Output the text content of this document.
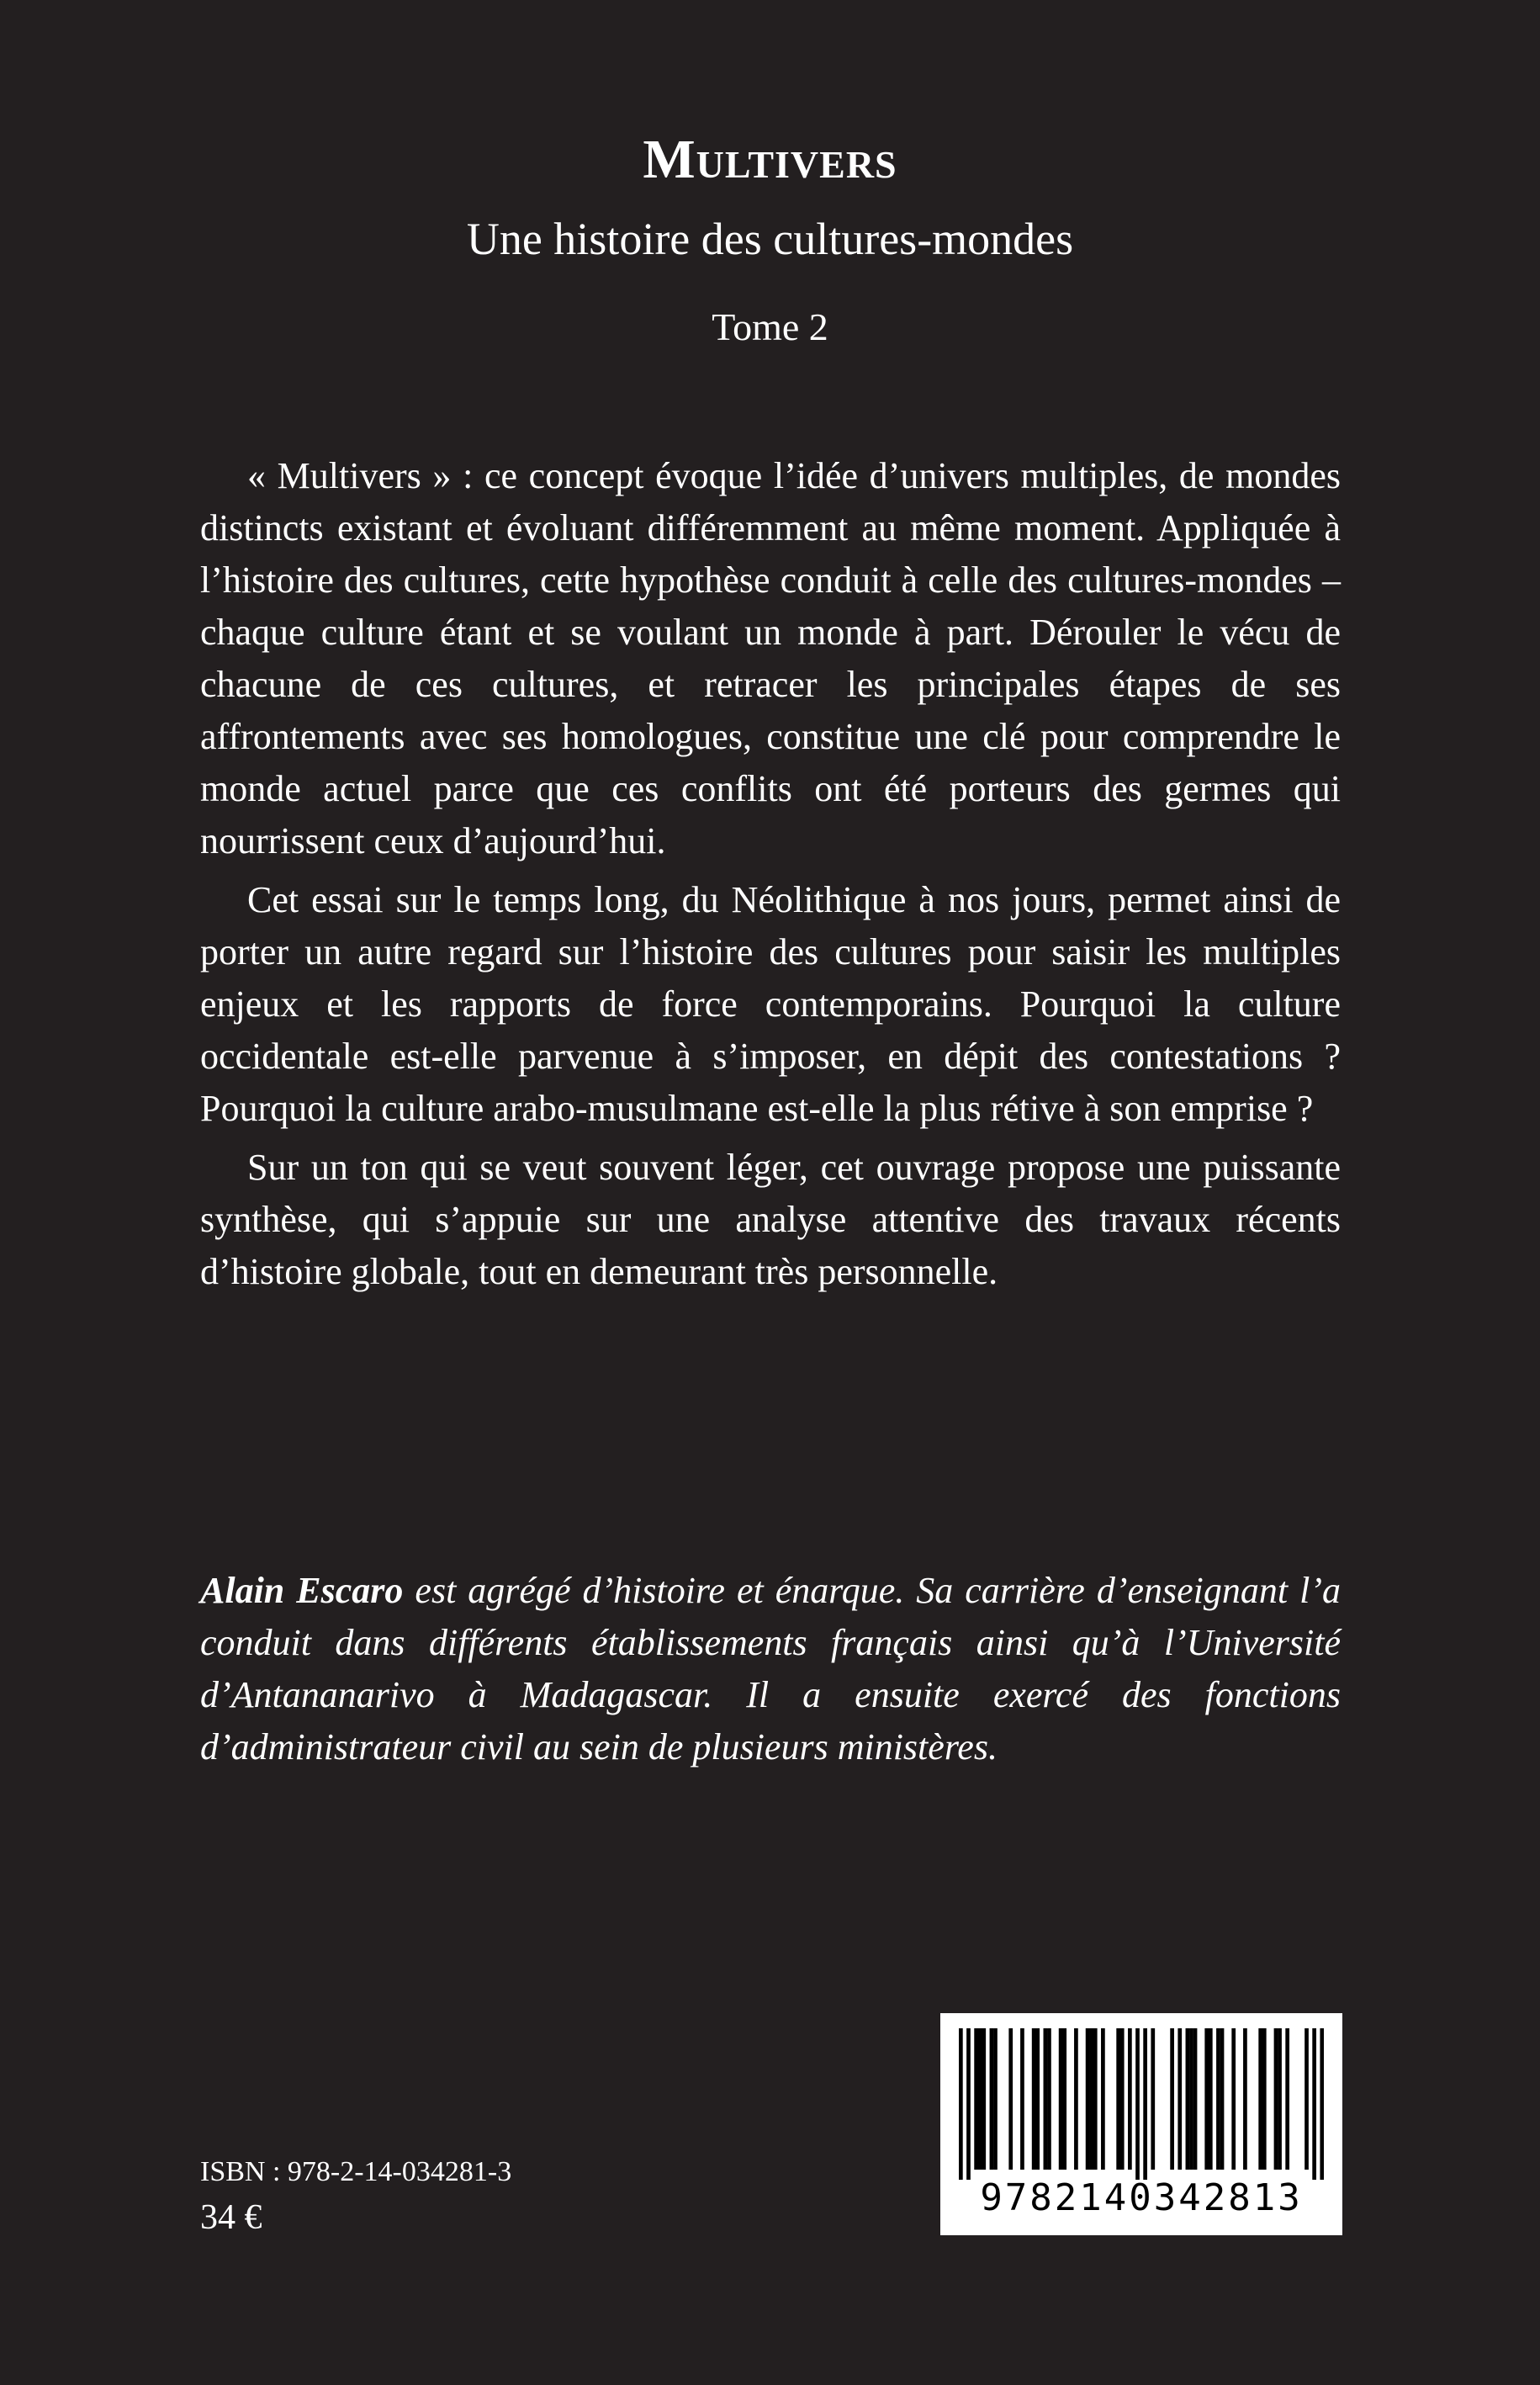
Multivers
Une histoire des cultures-mondes
Tome 2

« Multivers » : ce concept évoque l’idée d’univers multiples, de mondes distincts existant et évoluant différemment au même moment. Appliquée à l’histoire des cultures, cette hypothèse conduit à celle des cultures-mondes – chaque culture étant et se voulant un monde à part. Dérouler le vécu de chacune de ces cultures, et retracer les principales étapes de ses affrontements avec ses homologues, constitue une clé pour comprendre le monde actuel parce que ces conflits ont été porteurs des germes qui nourrissent ceux d’aujourd’hui.

Cet essai sur le temps long, du Néolithique à nos jours, permet ainsi de porter un autre regard sur l’histoire des cultures pour saisir les multiples enjeux et les rapports de force contemporains. Pourquoi la culture occidentale est-elle parvenue à s’imposer, en dépit des contestations ? Pourquoi la culture arabo-musulmane est-elle la plus rétive à son emprise ?

Sur un ton qui se veut souvent léger, cet ouvrage propose une puissante synthèse, qui s’appuie sur une analyse attentive des travaux récents d’histoire globale, tout en demeurant très personnelle.

Alain Escaro est agrégé d’histoire et énarque. Sa carrière d’enseignant l’a conduit dans différents établissements français ainsi qu’à l’Université d’Antananarivo à Madagascar. Il a ensuite exercé des fonctions d’administrateur civil au sein de plusieurs ministères.
ISBN : 978-2-14-034281-3
34 €	9782140342813
